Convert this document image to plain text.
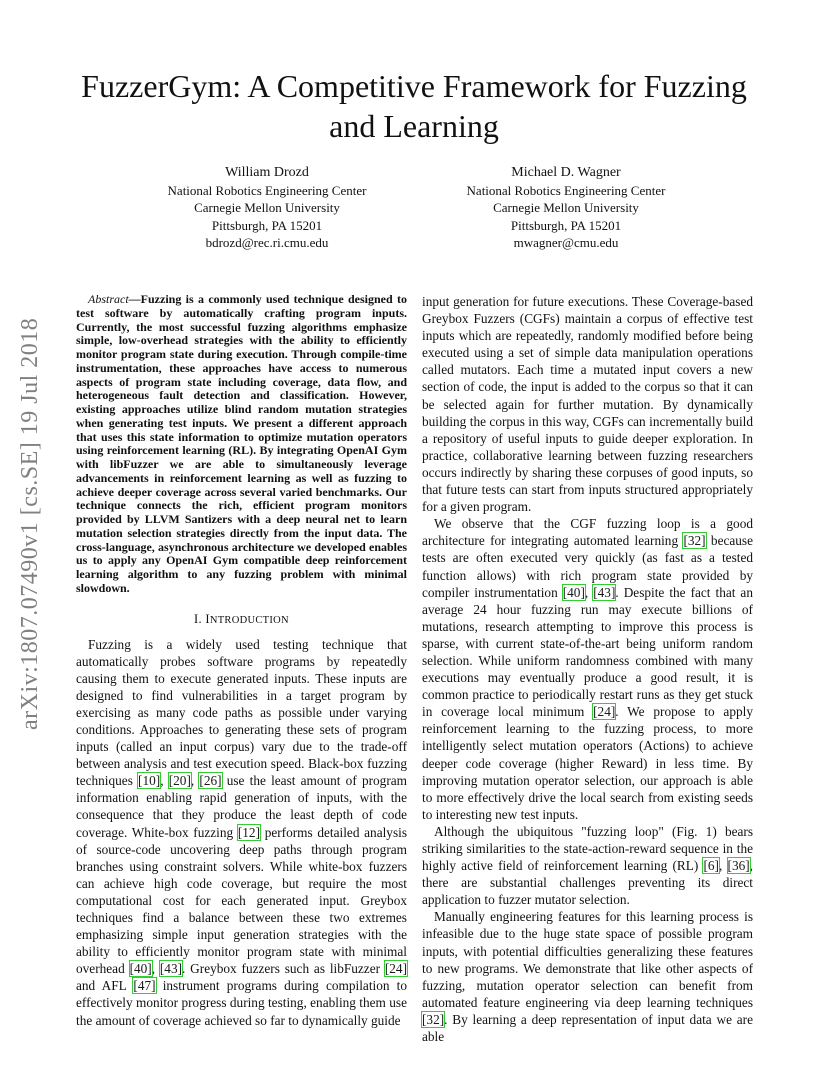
FuzzerGym: A Competitive Framework for Fuzzing
and Learning
William Drozd
National Robotics Engineering Center
Carnegie Mellon University
Pittsburgh, PA 15201
bdrozd@rec.ri.cmu.edu
Michael D. Wagner
National Robotics Engineering Center
Carnegie Mellon University
Pittsburgh, PA 15201
mwagner@cmu.edu
arXiv:1807.07490v1 [cs.SE] 19 Jul 2018

Abstract—Fuzzing is a commonly used technique designed to test software by automatically crafting program inputs. Currently, the most successful fuzzing algorithms emphasize simple, low-overhead strategies with the ability to efficiently monitor program state during execution. Through compile-time instrumentation, these approaches have access to numerous aspects of program state including coverage, data flow, and heterogeneous fault detection and classification. However, existing approaches utilize blind random mutation strategies when generating test inputs. We present a different approach that uses this state information to optimize mutation operators using reinforcement learning (RL). By integrating OpenAI Gym with libFuzzer we are able to simultaneously leverage advancements in reinforcement learning as well as fuzzing to achieve deeper coverage across several varied benchmarks. Our technique connects the rich, efficient program monitors provided by LLVM Santizers with a deep neural net to learn mutation selection strategies directly from the input data. The cross-language, asynchronous architecture we developed enables us to apply any OpenAI Gym compatible deep reinforcement learning algorithm to any fuzzing problem with minimal slowdown.

I. INTRODUCTION

Fuzzing is a widely used testing technique that automatically probes software programs by repeatedly causing them to execute generated inputs. These inputs are designed to find vulnerabilities in a target program by exercising as many code paths as possible under varying conditions. Approaches to generating these sets of program inputs (called an input corpus) vary due to the trade-off between analysis and test execution speed. Black-box fuzzing techniques [10], [20], [26] use the least amount of program information enabling rapid generation of inputs, with the consequence that they produce the least depth of code coverage. White-box fuzzing [12] performs detailed analysis of source-code uncovering deep paths through program branches using constraint solvers. While white-box fuzzers can achieve high code coverage, but require the most computational cost for each generated input. Greybox techniques find a balance between these two extremes emphasizing simple input generation strategies with the ability to efficiently monitor program state with minimal overhead [40], [43]. Greybox fuzzers such as libFuzzer [24] and AFL [47] instrument programs during compilation to effectively monitor progress during testing, enabling them use the amount of coverage achieved so far to dynamically guide

input generation for future executions. These Coverage-based Greybox Fuzzers (CGFs) maintain a corpus of effective test inputs which are repeatedly, randomly modified before being executed using a set of simple data manipulation operations called mutators. Each time a mutated input covers a new section of code, the input is added to the corpus so that it can be selected again for further mutation. By dynamically building the corpus in this way, CGFs can incrementally build a repository of useful inputs to guide deeper exploration. In practice, collaborative learning between fuzzing researchers occurs indirectly by sharing these corpuses of good inputs, so that future tests can start from inputs structured appropriately for a given program.

We observe that the CGF fuzzing loop is a good architecture for integrating automated learning [32] because tests are often executed very quickly (as fast as a tested function allows) with rich program state provided by compiler instrumentation [40], [43]. Despite the fact that an average 24 hour fuzzing run may execute billions of mutations, research attempting to improve this process is sparse, with current state-of-the-art being uniform random selection. While uniform randomness combined with many executions may eventually produce a good result, it is common practice to periodically restart runs as they get stuck in coverage local minimum [24]. We propose to apply reinforcement learning to the fuzzing process, to more intelligently select mutation operators (Actions) to achieve deeper code coverage (higher Reward) in less time. By improving mutation operator selection, our approach is able to more effectively drive the local search from existing seeds to interesting new test inputs.

Although the ubiquitous "fuzzing loop" (Fig. 1) bears striking similarities to the state-action-reward sequence in the highly active field of reinforcement learning (RL) [6], [36], there are substantial challenges preventing its direct application to fuzzer mutator selection.

Manually engineering features for this learning process is infeasible due to the huge state space of possible program inputs, with potential difficulties generalizing these features to new programs. We demonstrate that like other aspects of fuzzing, mutation operator selection can benefit from automated feature engineering via deep learning techniques [32]. By learning a deep representation of input data we are able
